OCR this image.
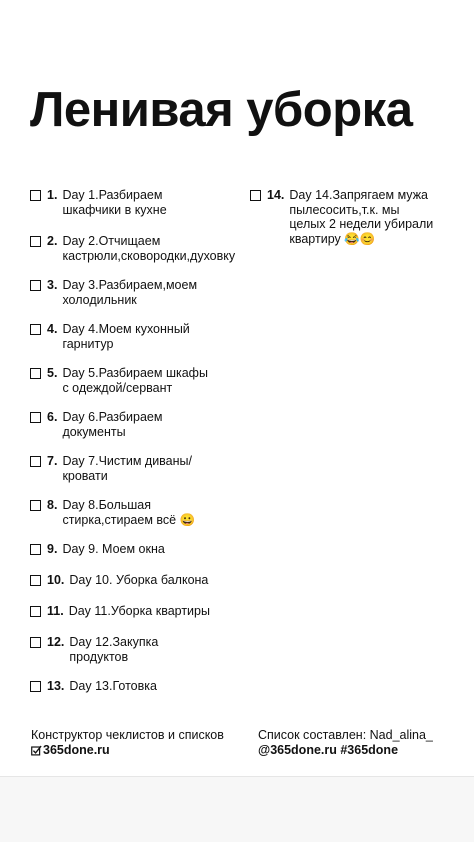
Ленивая уборка
1. Day 1.Разбираем
шкафчики в кухне
2. Day 2.Отчищаем
кастрюли,сковородки,духовку
3. Day 3.Разбираем,моем
холодильник
4. Day 4.Моем кухонный
гарнитур
5. Day 5.Разбираем шкафы
с одеждой/сервант
6. Day 6.Разбираем
документы
7. Day 7.Чистим диваны/
кровати
8. Day 8.Большая
стирка,стираем всё 😀
9. Day 9. Моем окна
10. Day 10. Уборка балкона
11. Day 11.Уборка квартиры
12. Day 12.Закупка
продуктов
13. Day 13.Готовка
14. Day 14.Запрягаем мужа
пылесосить,т.к. мы
целых 2 недели убирали
квартиру 😂😊
Конструктор чеклистов и списков
365done.ru
Список составлен: Nad_alina_
@365done.ru #365done
